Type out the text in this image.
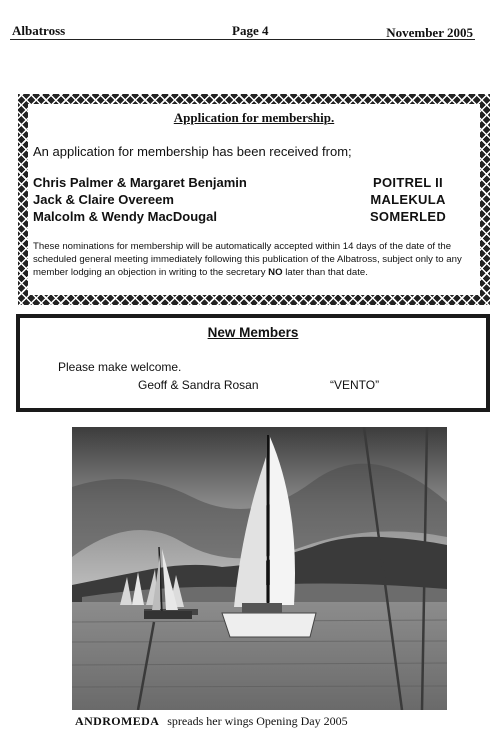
Albatross	Page 4	November 2005
Application for membership.
An application for membership has been received from;
Chris Palmer & Margaret Benjamin	POITREL II
Jack & Claire Overeem	MALEKULA
Malcolm & Wendy MacDougal	SOMERLED
These nominations for membership will be automatically accepted within 14 days of the date of the scheduled general meeting immediately following this publication of the Albatross, subject only to any member lodging an objection in writing to the secretary NO later than that date.
New Members
Please make welcome.
Geoff & Sandra Rosan	“VENTO”
ANDROMEDA spreads her wings Opening Day 2005
